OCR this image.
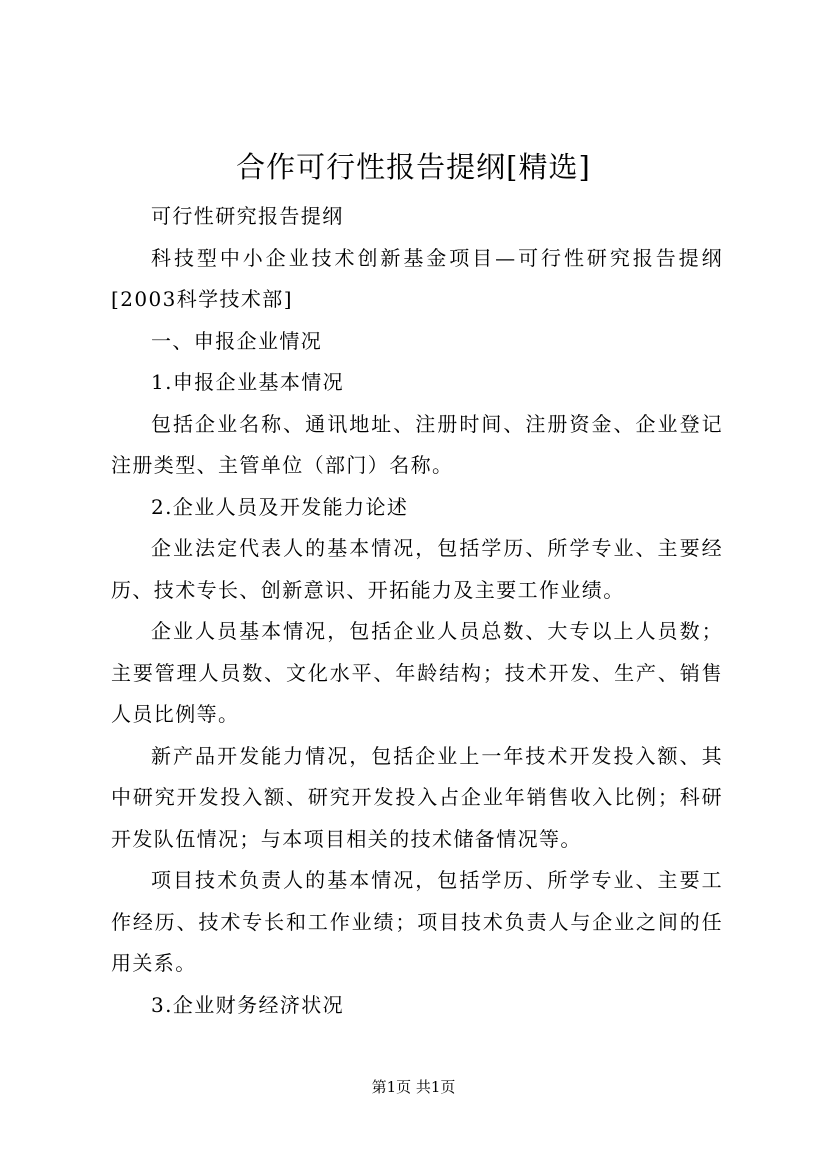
合作可行性报告提纲[精选]

可行性研究报告提纲

科技型中小企业技术创新基金项目—可行性研究报告提纲[2003科学技术部]

一、申报企业情况

1.申报企业基本情况

包括企业名称、通讯地址、注册时间、注册资金、企业登记注册类型、主管单位（部门）名称。

2.企业人员及开发能力论述

企业法定代表人的基本情况，包括学历、所学专业、主要经历、技术专长、创新意识、开拓能力及主要工作业绩。

企业人员基本情况，包括企业人员总数、大专以上人员数；主要管理人员数、文化水平、年龄结构；技术开发、生产、销售人员比例等。

新产品开发能力情况，包括企业上一年技术开发投入额、其中研究开发投入额、研究开发投入占企业年销售收入比例；科研开发队伍情况；与本项目相关的技术储备情况等。

项目技术负责人的基本情况，包括学历、所学专业、主要工作经历、技术专长和工作业绩；项目技术负责人与企业之间的任用关系。

3.企业财务经济状况

第1页 共1页
